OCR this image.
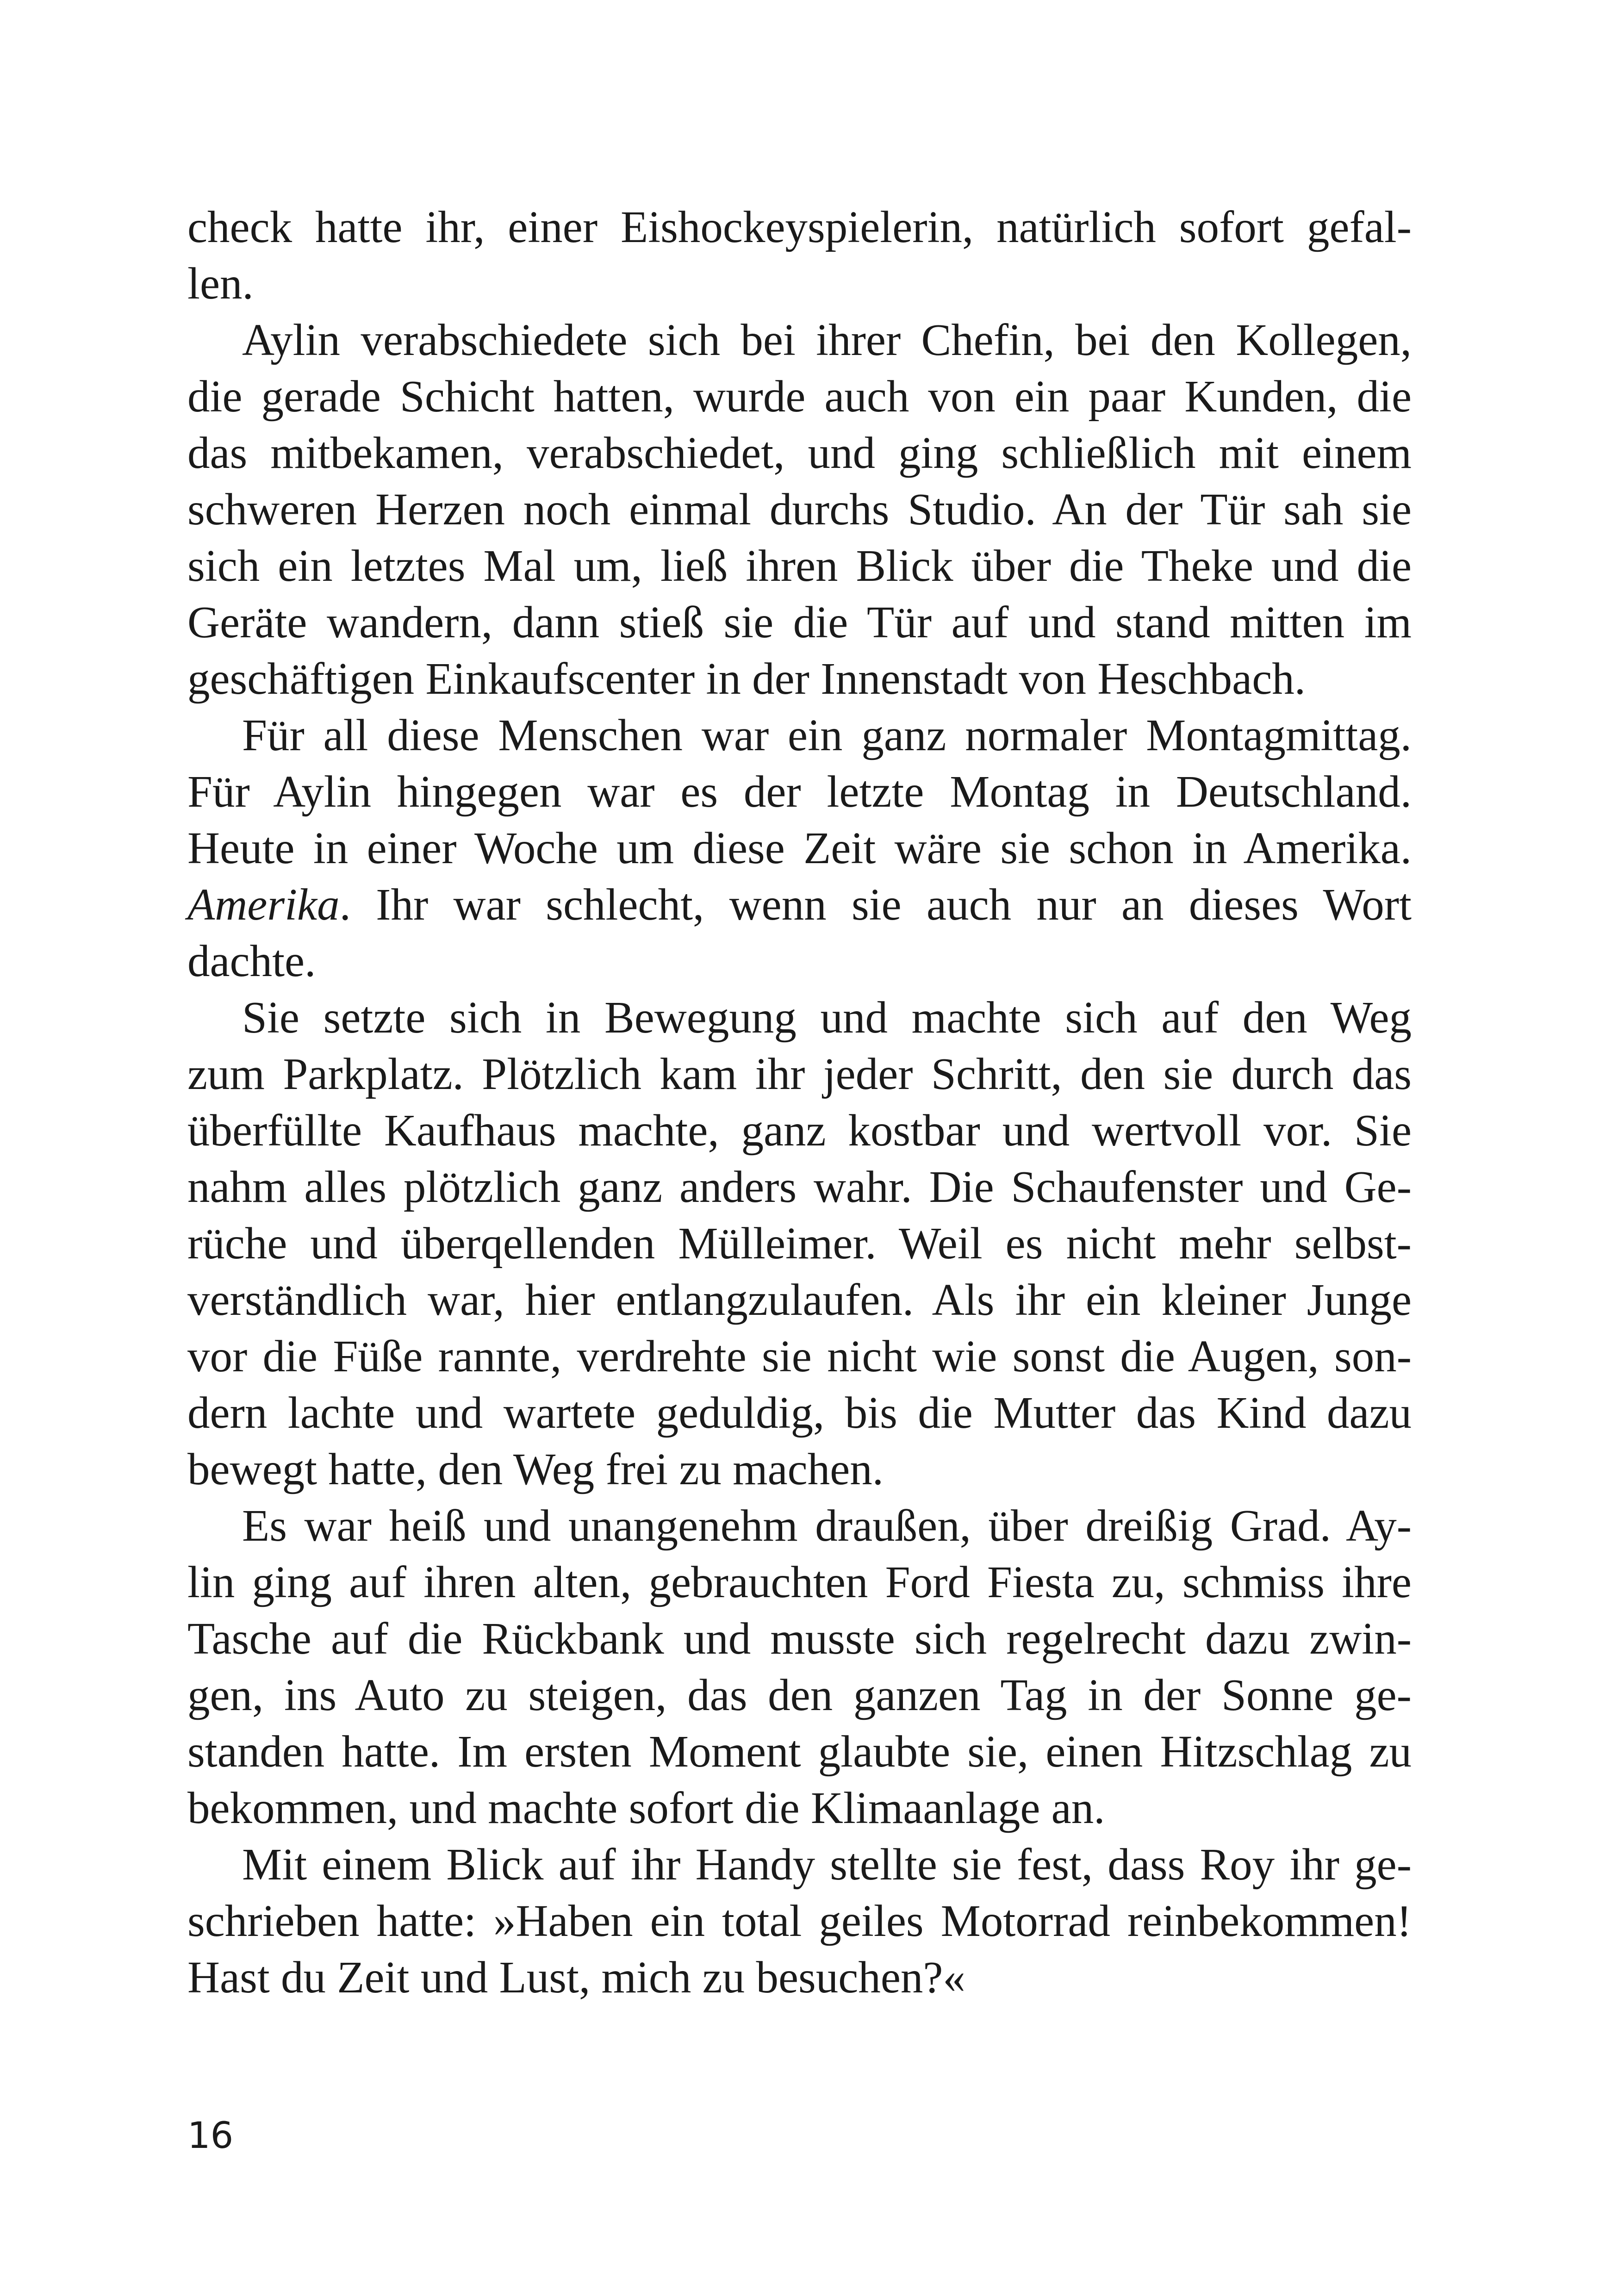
check hatte ihr, einer Eishockeyspielerin, natürlich sofort gefal-
len.
Aylin verabschiedete sich bei ihrer Chefin, bei den Kollegen,
die gerade Schicht hatten, wurde auch von ein paar Kunden, die
das mitbekamen, verabschiedet, und ging schließlich mit einem
schweren Herzen noch einmal durchs Studio. An der Tür sah sie
sich ein letztes Mal um, ließ ihren Blick über die Theke und die
Geräte wandern, dann stieß sie die Tür auf und stand mitten im
geschäftigen Einkaufscenter in der Innenstadt von Heschbach.
Für all diese Menschen war ein ganz normaler Montagmittag.
Für Aylin hingegen war es der letzte Montag in Deutschland.
Heute in einer Woche um diese Zeit wäre sie schon in Amerika.
Amerika. Ihr war schlecht, wenn sie auch nur an dieses Wort
dachte.
Sie setzte sich in Bewegung und machte sich auf den Weg
zum Parkplatz. Plötzlich kam ihr jeder Schritt, den sie durch das
überfüllte Kaufhaus machte, ganz kostbar und wertvoll vor. Sie
nahm alles plötzlich ganz anders wahr. Die Schaufenster und Ge-
rüche und überqellenden Mülleimer. Weil es nicht mehr selbst-
verständlich war, hier entlangzulaufen. Als ihr ein kleiner Junge
vor die Füße rannte, verdrehte sie nicht wie sonst die Augen, son-
dern lachte und wartete geduldig, bis die Mutter das Kind dazu
bewegt hatte, den Weg frei zu machen.
Es war heiß und unangenehm draußen, über dreißig Grad. Ay-
lin ging auf ihren alten, gebrauchten Ford Fiesta zu, schmiss ihre
Tasche auf die Rückbank und musste sich regelrecht dazu zwin-
gen, ins Auto zu steigen, das den ganzen Tag in der Sonne ge-
standen hatte. Im ersten Moment glaubte sie, einen Hitzschlag zu
bekommen, und machte sofort die Klimaanlage an.
Mit einem Blick auf ihr Handy stellte sie fest, dass Roy ihr ge-
schrieben hatte: »Haben ein total geiles Motorrad reinbekommen!
Hast du Zeit und Lust, mich zu besuchen?«
16
